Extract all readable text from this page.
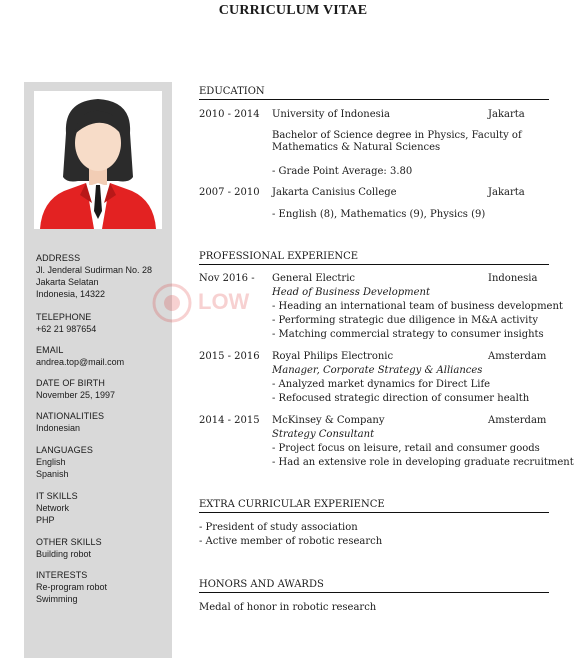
CURRICULUM VITAE
ADDRESS
Jl. Jenderal Sudirman No. 28
Jakarta Selatan
Indonesia, 14322
TELEPHONE
+62 21 987654
EMAIL
andrea.top@mail.com
DATE OF BIRTH
November 25, 1997
NATIONALITIES
Indonesian
LANGUAGES
English
Spanish
IT SKILLS
Network
PHP
OTHER SKILLS
Building robot
INTERESTS
Re-program robot
Swimming
LOW
EDUCATION
2010 - 2014 University of Indonesia	Jakarta
Bachelor of Science degree in Physics, Faculty of Mathematics & Natural Sciences
- Grade Point Average: 3.80
2007 - 2010 Jakarta Canisius College	Jakarta
- English (8), Mathematics (9), Physics (9)
PROFESSIONAL EXPERIENCE
Nov 2016 - General Electric	Indonesia
Head of Business Development
- Heading an international team of business development
- Performing strategic due diligence in M&A activity
- Matching commercial strategy to consumer insights
2015 - 2016 Royal Philips Electronic	Amsterdam
Manager, Corporate Strategy & Alliances
- Analyzed market dynamics for Direct Life
- Refocused strategic direction of consumer health
2014 - 2015 McKinsey & Company	Amsterdam
Strategy Consultant
- Project focus on leisure, retail and consumer goods
- Had an extensive role in developing graduate recruitment
EXTRA CURRICULAR EXPERIENCE
- President of study association
- Active member of robotic research
HONORS AND AWARDS
Medal of honor in robotic research
